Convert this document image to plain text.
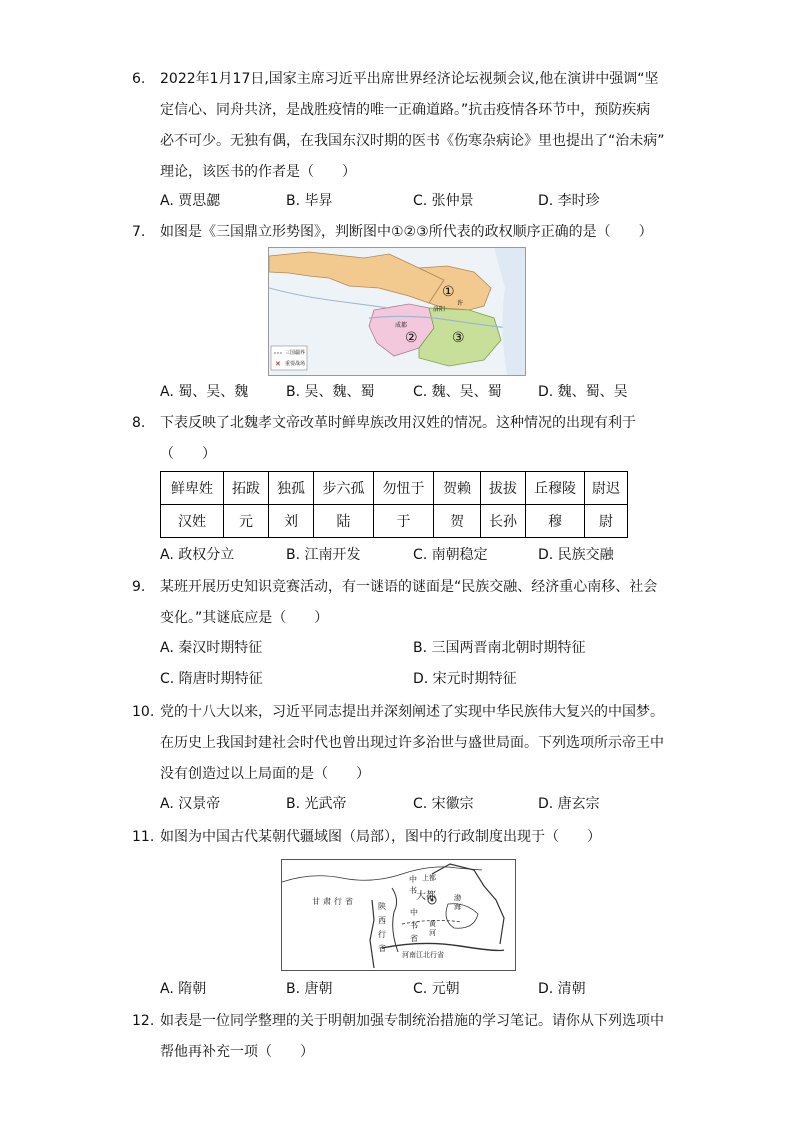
6. 2022年1月17日,国家主席习近平出席世界经济论坛视频会议,他在演讲中强调“坚
定信心、同舟共济，是战胜疫情的唯一正确道路。”抗击疫情各环节中，预防疾病
必不可少。无独有偶，在我国东汉时期的医书《伤寒杂病论》里也提出了“治未病”
理论，该医书的作者是（　　）
A. 贾思勰	B. 毕昇	C. 张仲景	D. 李时珍
7. 如图是《三国鼎立形势图》，判断图中①②③所代表的政权顺序正确的是（　　）
✕
①
② ③
洛阳
许
成都
三国疆界
重要战场
A. 蜀、吴、魏	B. 吴、魏、蜀	C. 魏、吴、蜀	D. 魏、蜀、吴
8. 下表反映了北魏孝文帝改革时鲜卑族改用汉姓的情况。这种情况的出现有利于
（　　）
鲜卑姓	拓跋	独孤	步六孤	勿忸于	贺赖	拔拔	丘穆陵	尉迟
汉姓	元	刘	陆	于	贺	长孙	穆	尉
A. 政权分立	B. 江南开发	C. 南朝稳定	D. 民族交融
9. 某班开展历史知识竞赛活动，有一谜语的谜面是“民族交融、经济重心南移、社会
变化。”其谜底应是（　　）
A. 秦汉时期特征	B. 三国两晋南北朝时期特征
C. 隋唐时期特征	D. 宋元时期特征
10. 党的十八大以来，习近平同志提出并深刻阐述了实现中华民族伟大复兴的中国梦。
在历史上我国封建社会时代也曾出现过许多治世与盛世局面。下列选项所示帝王中
没有创造过以上局面的是（　　）
A. 汉景帝	B. 光武帝	C. 宋徽宗	D. 唐玄宗
11. 如图为中国古代某朝代疆域图（局部），图中的行政制度出现于（　　）
上都
中书
大都	渤海
甘肃行省
陕西行省
中书省
黄河
河南江北行省
A. 隋朝	B. 唐朝	C. 元朝	D. 清朝
12. 如表是一位同学整理的关于明朝加强专制统治措施的学习笔记。请你从下列选项中
帮他再补充一项（　　）
